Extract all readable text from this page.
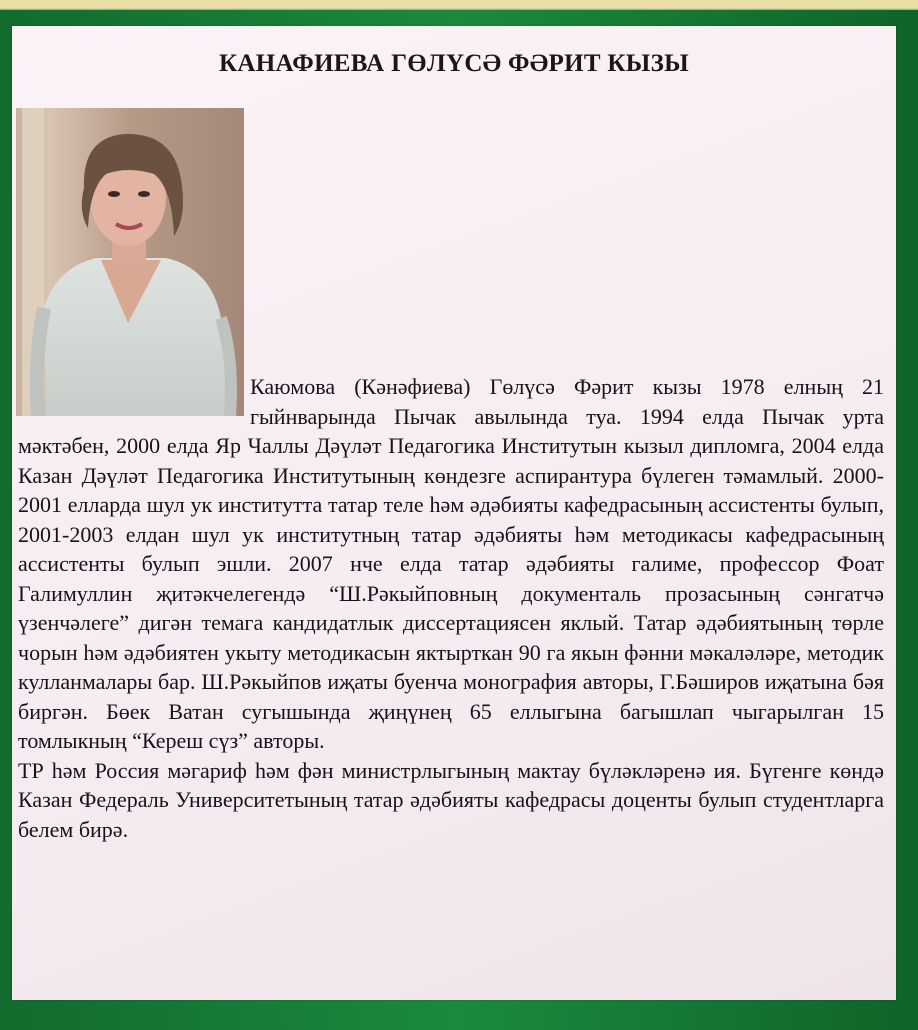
КАНАФИЕВА ГӨЛҮСӘ ФӘРИТ КЫЗЫ

Каюмова (Кәнәфиева) Гөлүсә Фәрит кызы 1978 елның 21 гыйнварында Пычак авылында туа. 1994 елда Пычак урта мәктәбен, 2000 елда Яр Чаллы Дәүләт Педагогика Институтын кызыл дипломга, 2004 елда Казан Дәүләт Педагогика Институтының көндезге аспирантура бүлеген тәмамлый. 2000-2001 елларда шул ук институтта татар теле һәм әдәбияты кафедрасының ассистенты булып, 2001-2003 елдан шул ук институтның татар әдәбияты һәм методикасы кафедрасының ассистенты булып эшли. 2007 нче елда татар әдәбияты галиме, профессор Фоат Галимуллин җитәкчелегендә “Ш.Рәкыйповның документаль прозасының сәнгатчә үзенчәлеге” дигән темага кандидатлык диссертациясен яклый. Татар әдәбиятының төрле чорын һәм әдәбиятен укыту методикасын яктырткан 90 га якын фәнни мәкаләләре, методик кулланмалары бар. Ш.Рәкыйпов иҗаты буенча монография авторы, Г.Бәширов иҗатына бәя биргән. Бөек Ватан сугышында җиңүнең 65 еллыгына багышлап чыгарылган 15 томлыкның “Кереш сүз” авторы.

ТР һәм Россия мәгариф һәм фән министрлыгының мактау бүләкләренә ия. Бүгенге көндә Казан Федераль Университетының татар әдәбияты кафедрасы доценты булып студентларга белем бирә.
